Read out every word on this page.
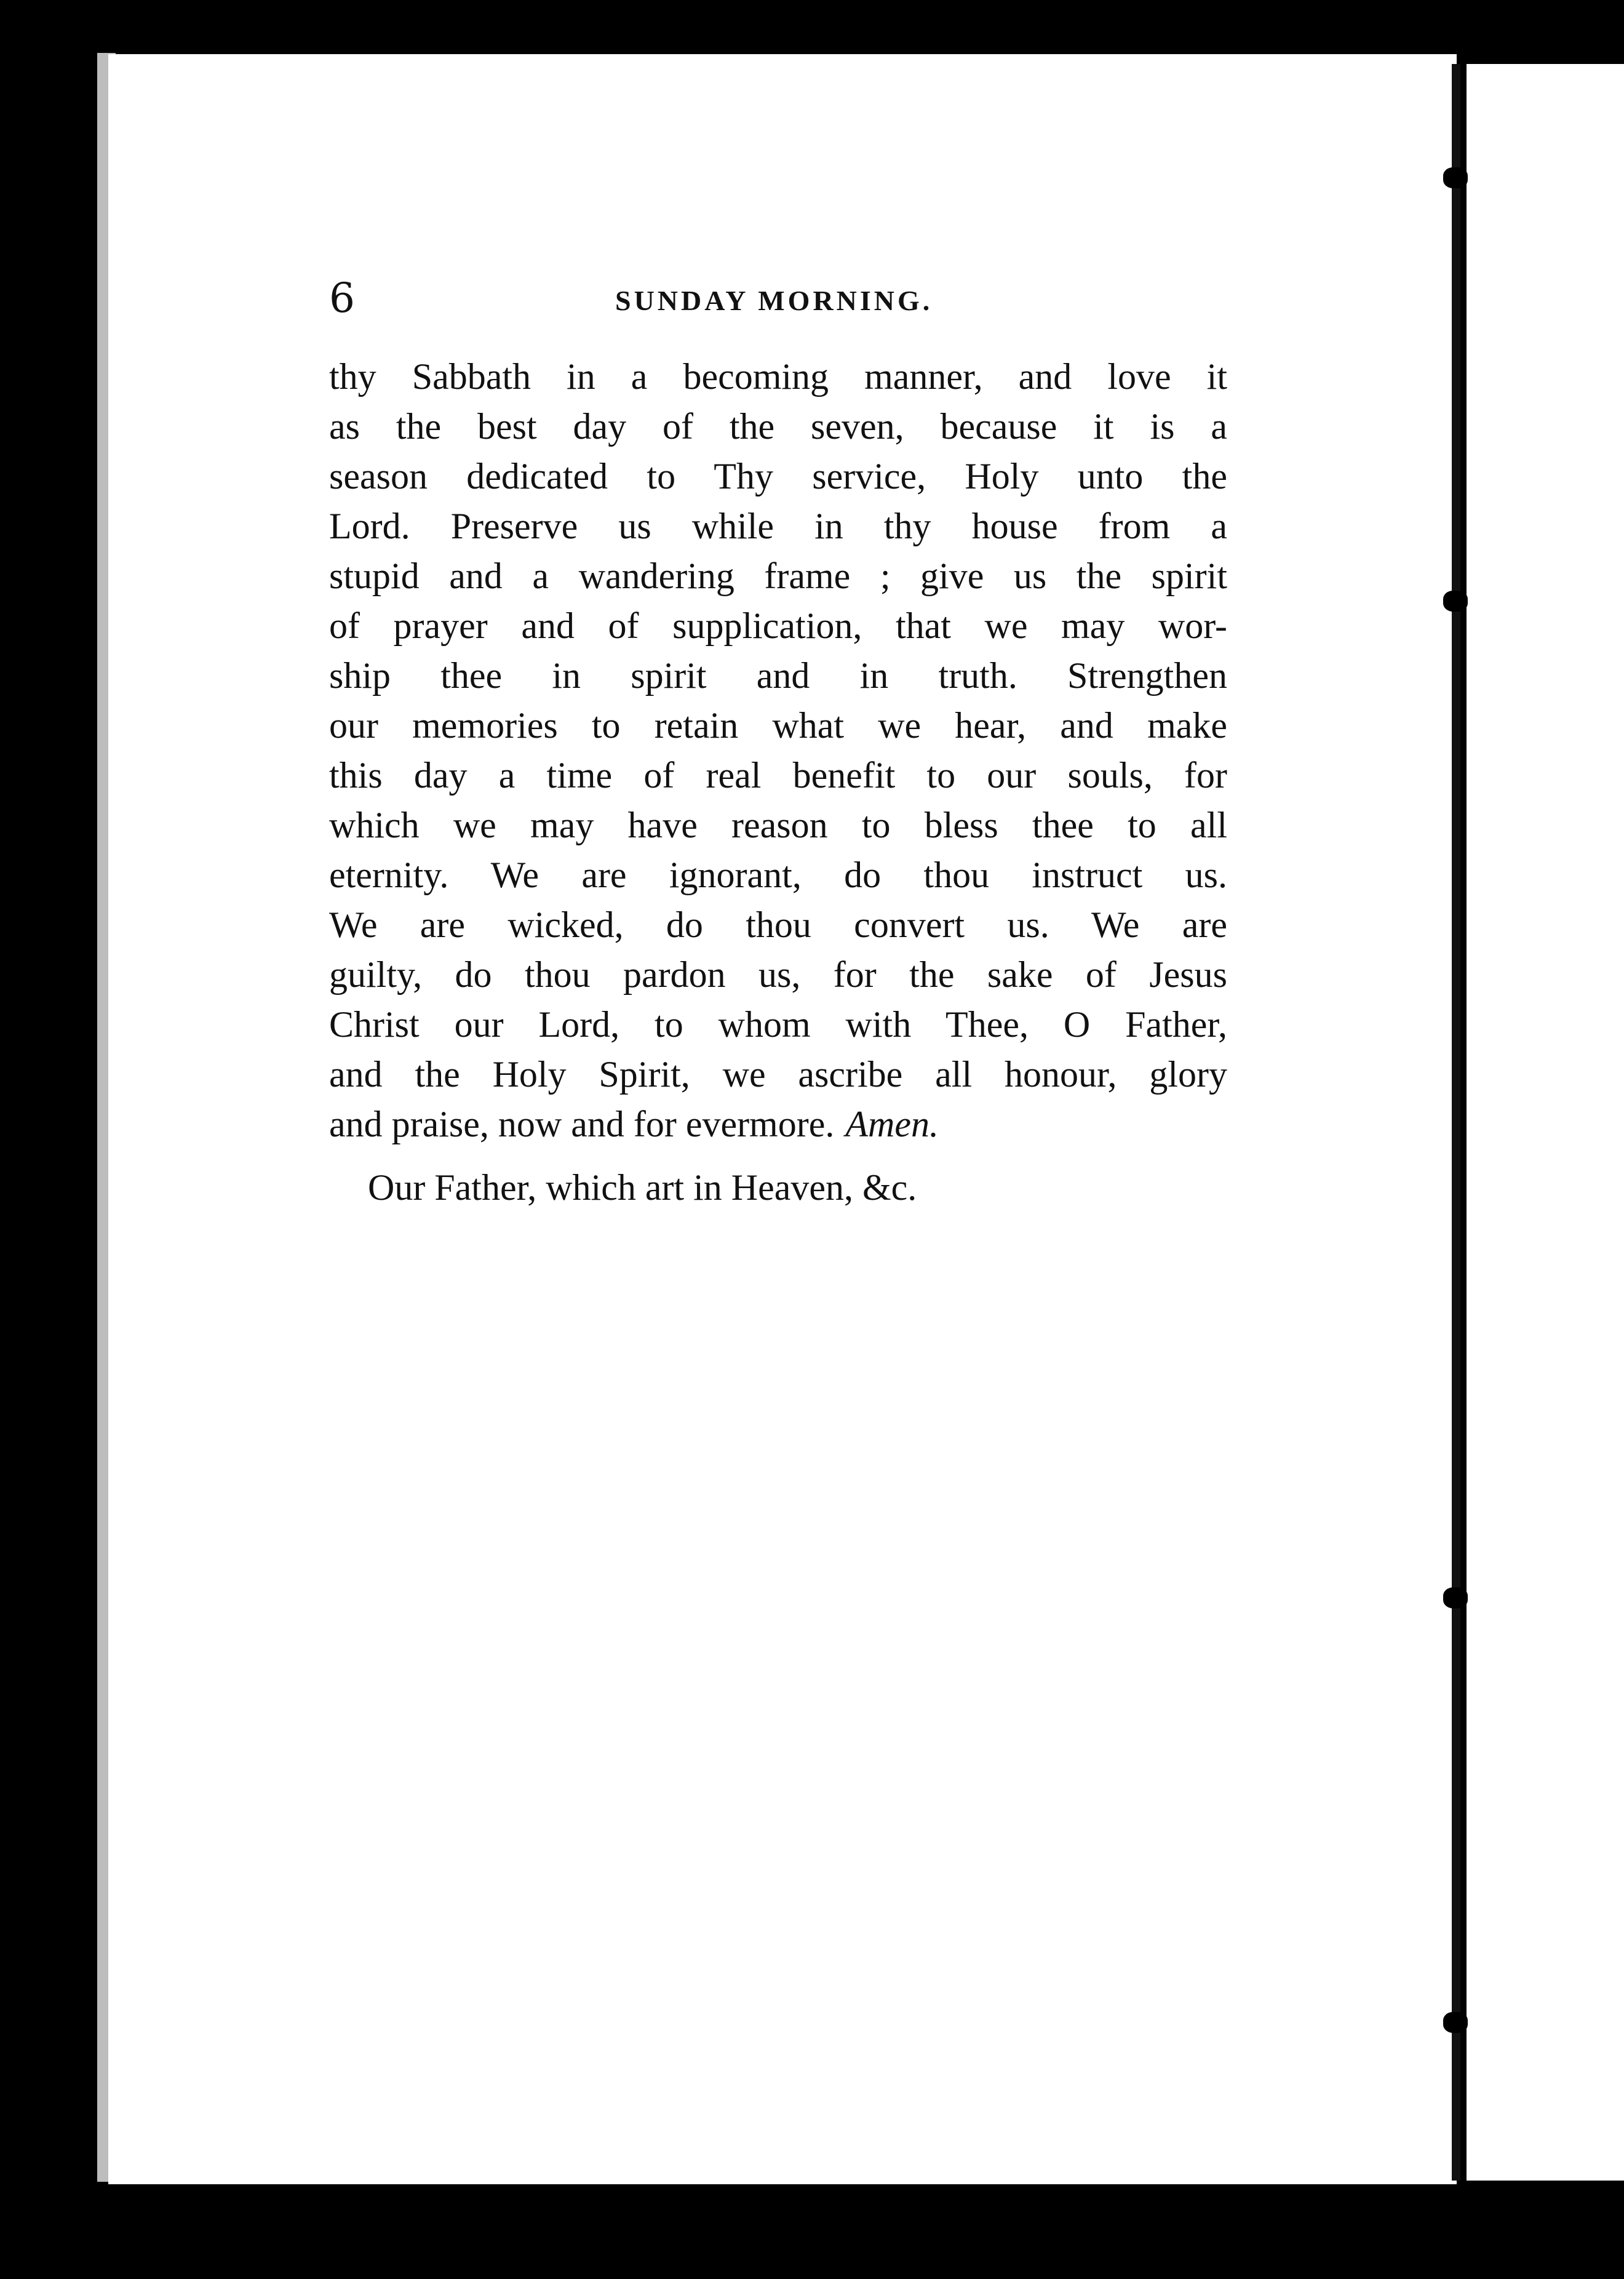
6	SUNDAY MORNING.
thy Sabbath in a becoming manner, and love it
as the best day of the seven, because it is a
season dedicated to Thy service, Holy unto the
Lord. Preserve us while in thy house from a
stupid and a wandering frame ; give us the spirit
of prayer and of supplication, that we may wor-
ship thee in spirit and in truth. Strengthen
our memories to retain what we hear, and make
this day a time of real benefit to our souls, for
which we may have reason to bless thee to all
eternity. We are ignorant, do thou instruct us.
We are wicked, do thou convert us. We are
guilty, do thou pardon us, for the sake of Jesus
Christ our Lord, to whom with Thee, O Father,
and the Holy Spirit, we ascribe all honour, glory
and praise, now and for evermore. Amen.
Our Father, which art in Heaven, &c.
